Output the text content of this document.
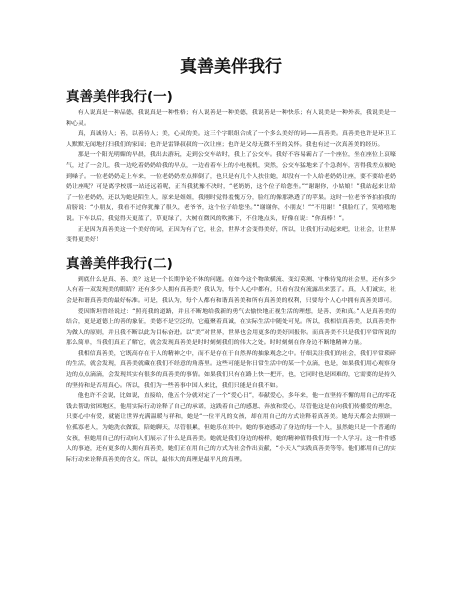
真善美伴我行
真善美伴我行(一)

有人说真是一种品德，我说真是一种性格；有人说善是一种美德，我说善是一种快乐；有人说美是一种外表，我说美是一种心灵。

真，真诚待人；善，以善待人；美，心灵的美。这三个字眼组合成了一个多么美好的词——真善美。真善美也许是环卫工人默默无闻地打扫我们的家园；也许是雷锋叔叔的一次让座；也许是父母无微不至的关怀。我也有过一次真善美的经历。

那是一个阳光明媚的早晨，我出去游玩，走到公交车站时，我上了公交车。我好不容易霸占了一个座位，坐在座位上哀嚎气，过了一会儿，我一边吃着奶奶给我的早点，一边看着车上的小电视机，突然，公交车猛地来了个急刹车，害得我差点被呛到嗓子。一位老奶奶走上车来，一位老奶奶差点摔倒了，也只是有几个人扶住她，却没有一个人给老奶奶让座，要不要给老奶奶让座呢？可是离学校那一站还远着呢，正当我犹豫不决时，“老奶奶，这个位子给您坐。”“谢谢你，小姑娘！”我站起来让给了一位老奶奶，还以为她是陌生人，原来是姐姐，我刚时觉得羞愧万分，脸红的像那熟透了的苹果。这时一位老爷爷拍拍我的肩膀说：“小朋友，我看不过你犹豫了很久，老爷爷，这个位子给您坐。”“谢谢你，小朋友！”“不用谢！”我脸红了，笑嘻嘻地说。下车以后，我觉得天更蓝了，草更绿了，大树在微风的吹拂下，不住地点头，好像在说：“你真棒！”。

正是因为真善美这一个美好的词，正因为有了它，社会，世界才会变得美好，所以，让我们行动起来吧，让社会，让世界变得更美好！

真善美伴我行(二)

到底什么是真、善、美？这是一个长期争论不休的问题。在如今这个物欲横流、变幻莫测、守株待兔的社会里，还有多少人有着一双发现美的眼睛？还有多少人拥有真善美？我认为，每个人心中都有，只看有没有流露出来罢了。真，人们诚实，社会是和谐真善美的最好标准。可是，我认为，每个人都有和谐真善美和所有真善美的权利，只要每个人心中拥有真善美即可。

爱因斯坦曾经说过：“照亮我的道路，并且不断地给我新的勇气去愉快地正视生活的理想，是善、美和真。”人是真善美的结合，更是道德上的善的象征，美德不是空泛的，它蕴聚着真诚，在实际生活中随处可见。所以，我相信真善美，以真善美作为做人的原则，并且我不断以此为目标奋进。以“美”对世界，世界也会用更多的美好回报你。而真善美不只是我们平常所说的那么简单，当我们真正了解它，就会发现真善美是时时刻刻我们的伟大之处。时时刻刻在你身边不断地精神力量。

我相信真善美，它既高存在于人的精神之中，而不是存在于自然界的抽象观念之中。仔细关注我们的社会，我们平常琐碎的生活，就会发现，真善美就藏在我们不经意的角落里。这些可能是你日常生活中的某一个点滴，也是，如果我们用心观察身边的点点滴滴，会发现其实有很多的真善美的事情。如果我们只有在路上快一把开，也，它同时也是困难的，它需要的是持久的坚持和是否用真心。所以，我们为一些善事中国人来比，我们只能是自我不如。

他也许不会说，比如说，直接给，他五个分就对定了一个“爱心日”，奉献爱心，多年来，他一直坚持不懈的用自己的零花钱去帮助贫困地区，他用实际行动诠释了自己的承诺，这践着自己的感恩、奔放和爱心，尽管他这是在向我们传播爱的理念，只要心中有爱，就能让世界充满温暖与祥和，她是“一位平凡的女孩，却在用自己的方式诠释着真善美。她每天都会去照顾一位孤寡老人，为她洗衣做饭，陪她聊天，尽管很累，但她乐在其中。她的事迹感动了身边的每一个人，虽然她只是一个普通的女孩，但她用自己的行动向人们展示了什么是真善美。她就是我们身边的榜样，她的精神值得我们每一个人学习。这一件件感人的事迹，还有更多的人拥有真善美，她们正在用自己的方式为社会作出贡献，“小天人”实践真善美等等。他们都用自己的实际行动来诠释真善美的含义。所以，最伟大的真理是最平凡的真理。
